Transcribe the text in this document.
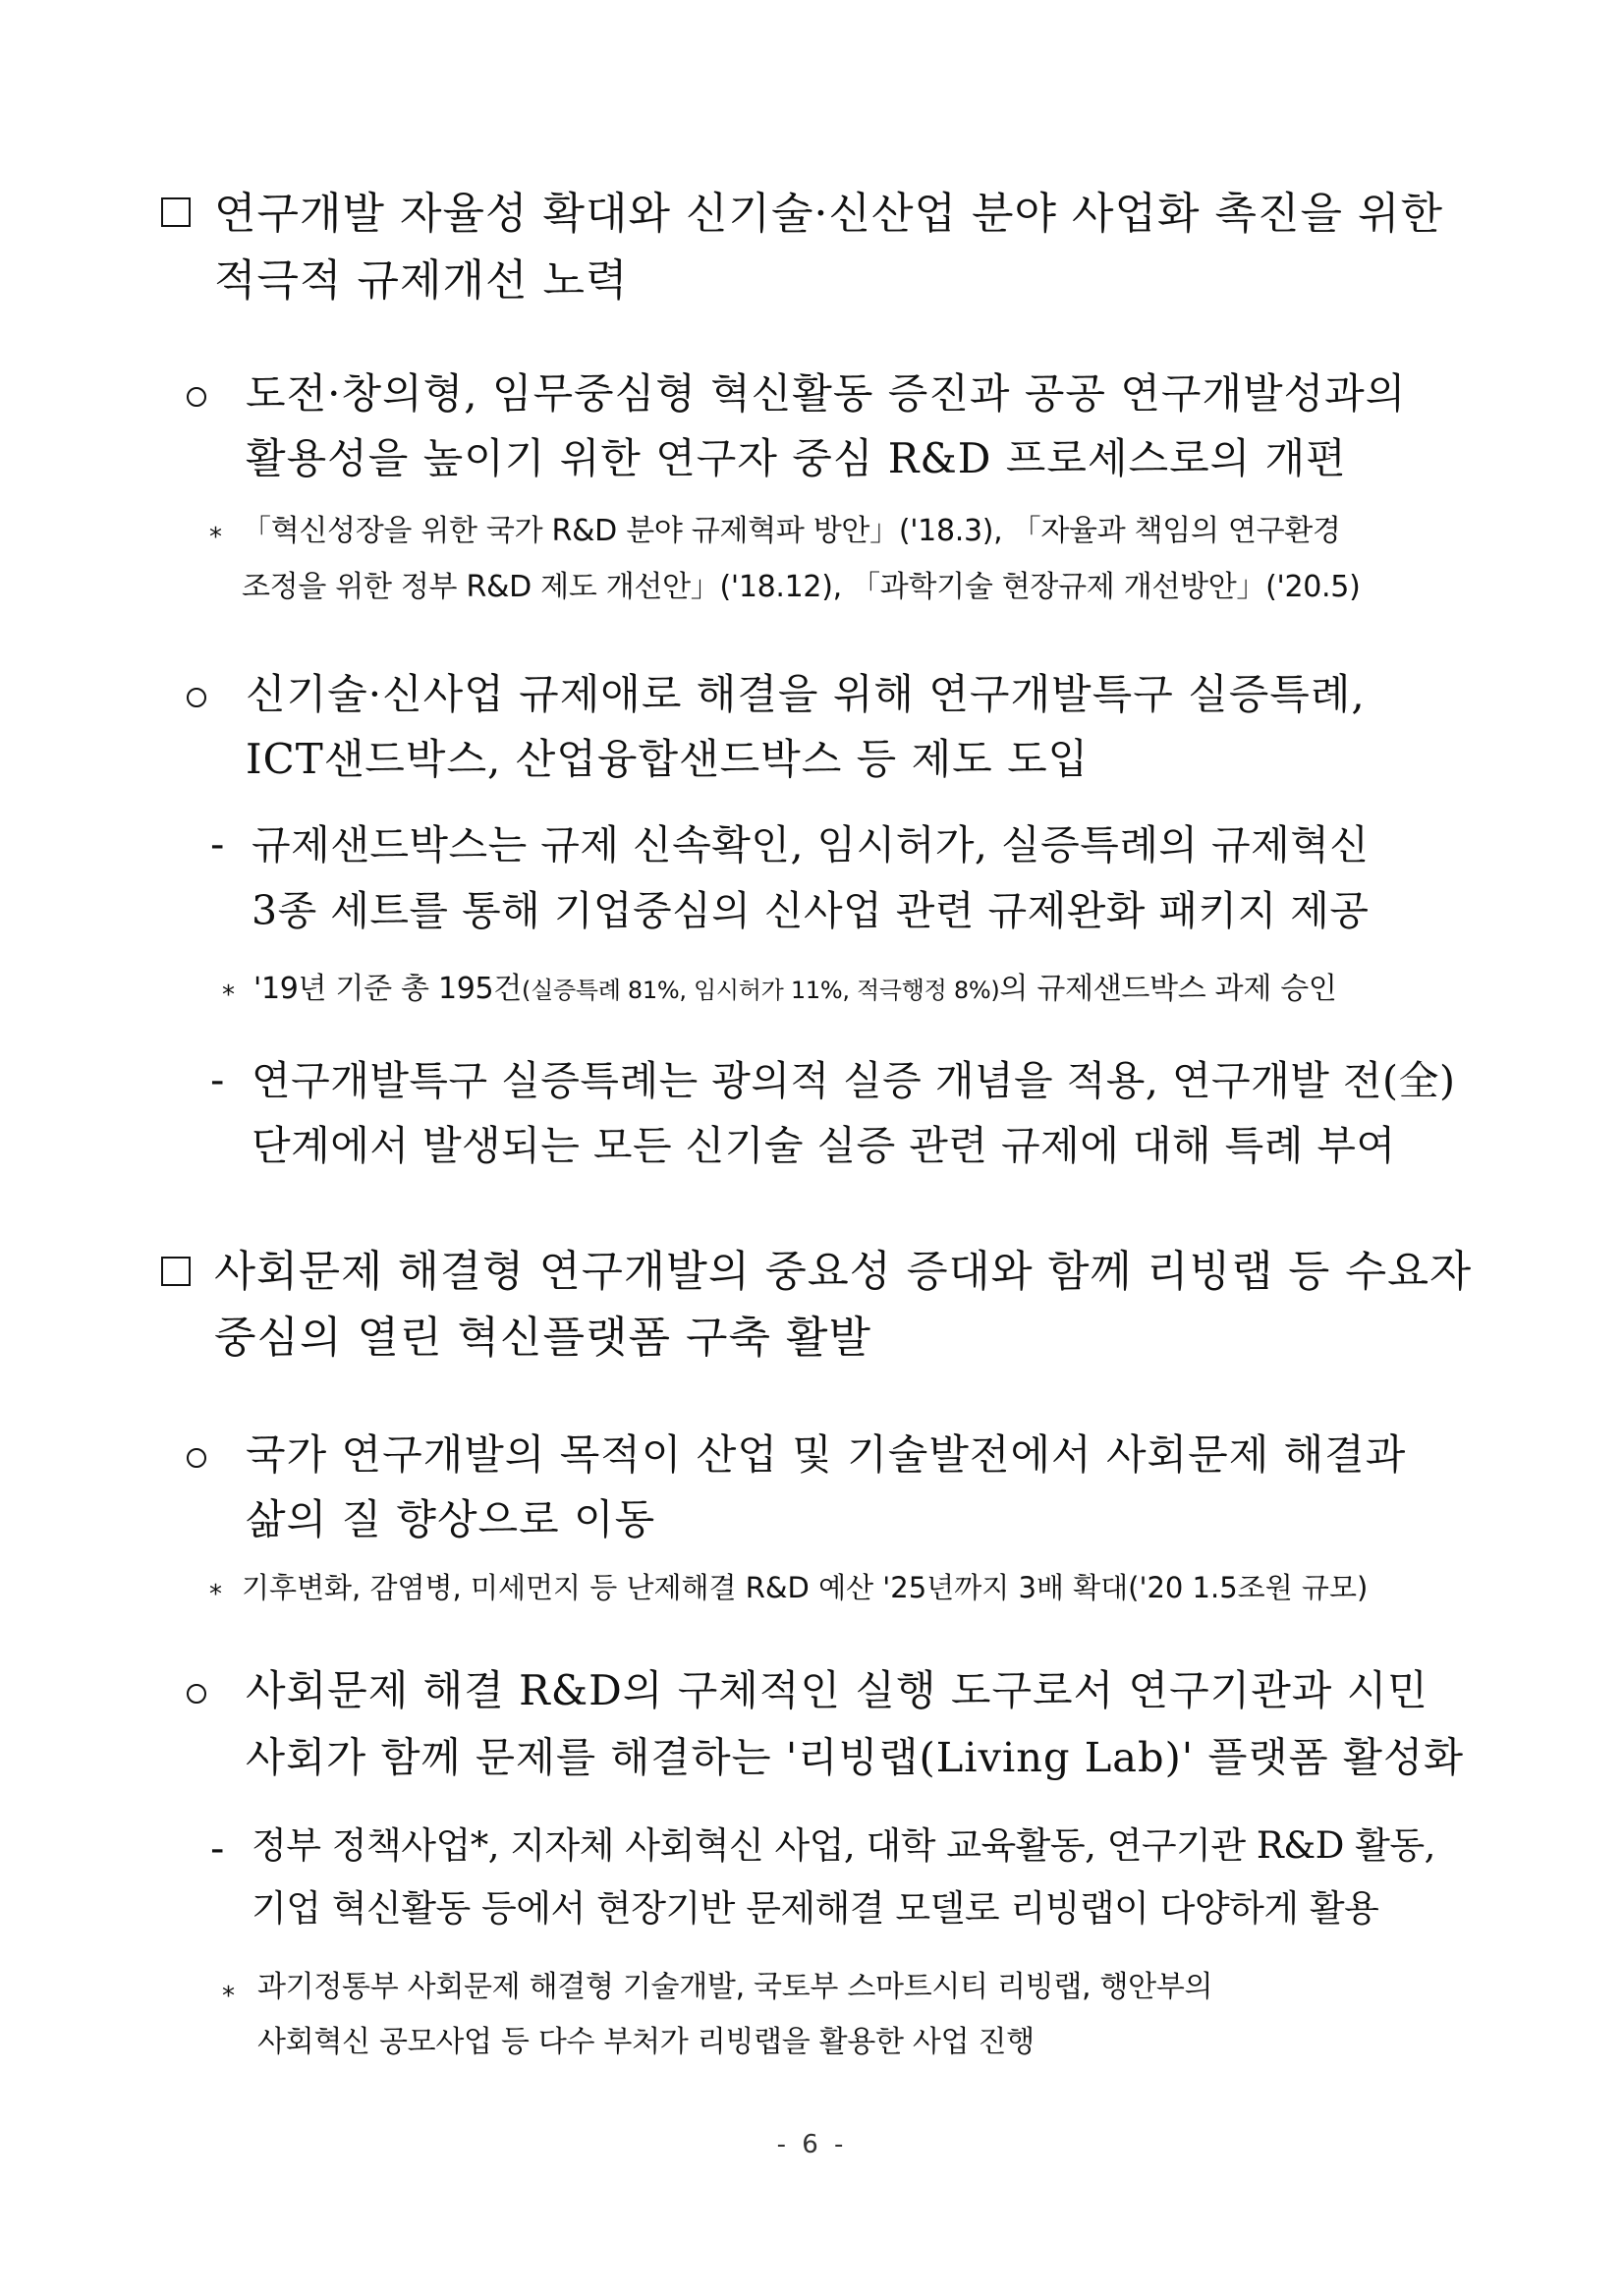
연구개발 자율성 확대와 신기술·신산업 분야 사업화 촉진을 위한
적극적 규제개선 노력
도전·창의형, 임무중심형 혁신활동 증진과 공공 연구개발성과의
활용성을 높이기 위한 연구자 중심 R&D 프로세스로의 개편
* 「혁신성장을 위한 국가 R&D 분야 규제혁파 방안」('18.3), 「자율과 책임의 연구환경
조정을 위한 정부 R&D 제도 개선안」('18.12), 「과학기술 현장규제 개선방안」('20.5)
신기술·신사업 규제애로 해결을 위해 연구개발특구 실증특례,
ICT샌드박스, 산업융합샌드박스 등 제도 도입
- 규제샌드박스는 규제 신속확인, 임시허가, 실증특례의 규제혁신
3종 세트를 통해 기업중심의 신사업 관련 규제완화 패키지 제공
* '19년 기준 총 195건(실증특례 81%, 임시허가 11%, 적극행정 8%)의 규제샌드박스 과제 승인
- 연구개발특구 실증특례는 광의적 실증 개념을 적용, 연구개발 전(全)
단계에서 발생되는 모든 신기술 실증 관련 규제에 대해 특례 부여
사회문제 해결형 연구개발의 중요성 증대와 함께 리빙랩 등 수요자
중심의 열린 혁신플랫폼 구축 활발
국가 연구개발의 목적이 산업 및 기술발전에서 사회문제 해결과
삶의 질 향상으로 이동
* 기후변화, 감염병, 미세먼지 등 난제해결 R&D 예산 '25년까지 3배 확대('20 1.5조원 규모)
사회문제 해결 R&D의 구체적인 실행 도구로서 연구기관과 시민
사회가 함께 문제를 해결하는 '리빙랩(Living Lab)' 플랫폼 활성화
- 정부 정책사업*, 지자체 사회혁신 사업, 대학 교육활동, 연구기관 R&D 활동,
기업 혁신활동 등에서 현장기반 문제해결 모델로 리빙랩이 다양하게 활용
* 과기정통부 사회문제 해결형 기술개발, 국토부 스마트시티 리빙랩, 행안부의
사회혁신 공모사업 등 다수 부처가 리빙랩을 활용한 사업 진행
- 6 -
